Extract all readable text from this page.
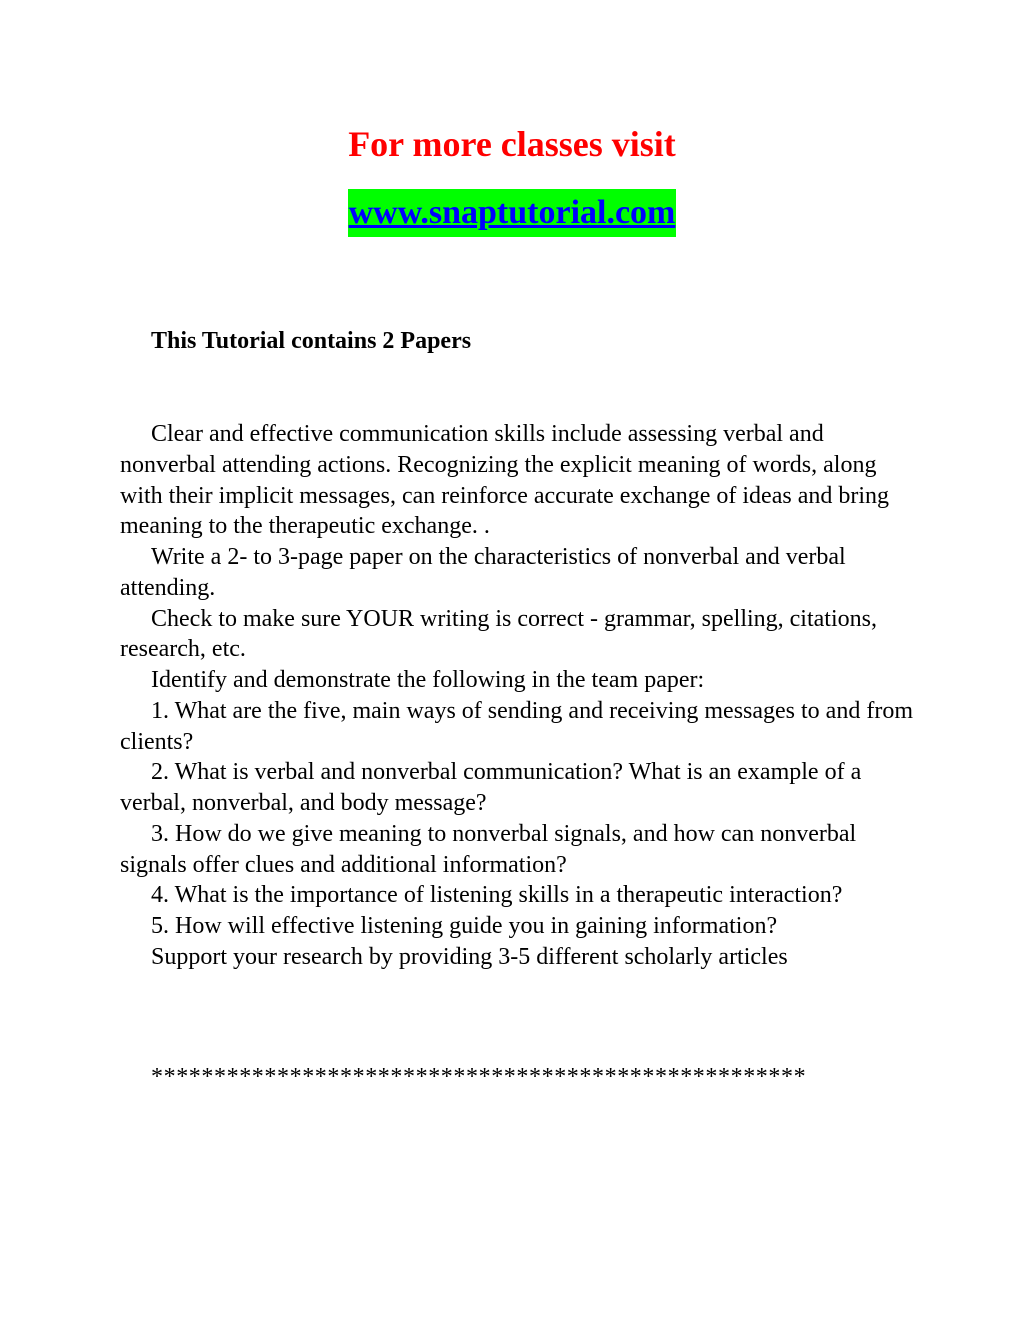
For more classes visit
www.snaptutorial.com
This Tutorial contains 2 Papers

Clear and effective communication skills include assessing verbal and nonverbal attending actions. Recognizing the explicit meaning of words, along with their implicit messages, can reinforce accurate exchange of ideas and bring meaning to the therapeutic exchange. .

Write a 2- to 3-page paper on the characteristics of nonverbal and verbal attending.

Check to make sure YOUR writing is correct - grammar, spelling, citations, research, etc.

Identify and demonstrate the following in the team paper:

1. What are the five, main ways of sending and receiving messages to and from clients?

2. What is verbal and nonverbal communication? What is an example of a verbal, nonverbal, and body message?

3. How do we give meaning to nonverbal signals, and how can nonverbal signals offer clues and additional information?

4. What is the importance of listening skills in a therapeutic interaction?

5. How will effective listening guide you in gaining information?

Support your research by providing 3-5 different scholarly articles

****************************************************
